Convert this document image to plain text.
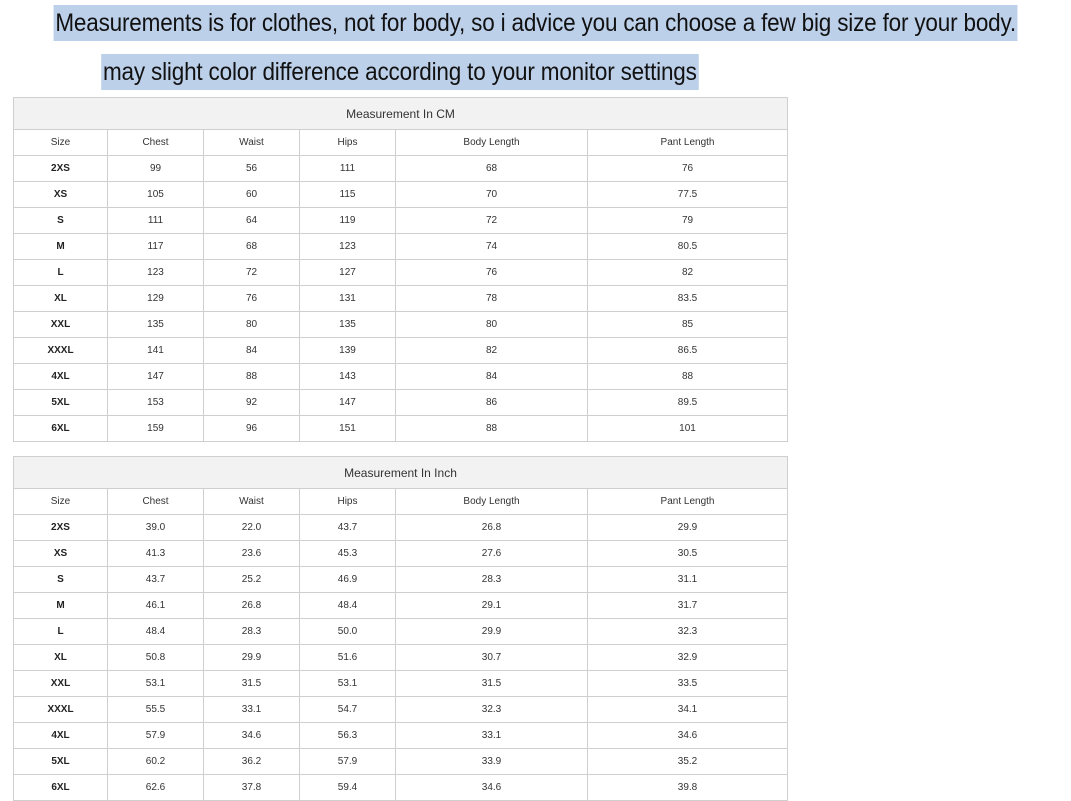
Measurements is for clothes, not for body, so i advice you can choose a few big size for your body.
may slight color difference according to your monitor settings
Measurement In CM					
Size	Chest	Waist	Hips	Body Length	Pant Length
2XS	99	56	111	68	76
XS	105	60	115	70	77.5
S	111	64	119	72	79
M	117	68	123	74	80.5
L	123	72	127	76	82
XL	129	76	131	78	83.5
XXL	135	80	135	80	85
XXXL	141	84	139	82	86.5
4XL	147	88	143	84	88
5XL	153	92	147	86	89.5
6XL	159	96	151	88	101
Measurement In Inch					
Size	Chest	Waist	Hips	Body Length	Pant Length
2XS	39.0	22.0	43.7	26.8	29.9
XS	41.3	23.6	45.3	27.6	30.5
S	43.7	25.2	46.9	28.3	31.1
M	46.1	26.8	48.4	29.1	31.7
L	48.4	28.3	50.0	29.9	32.3
XL	50.8	29.9	51.6	30.7	32.9
XXL	53.1	31.5	53.1	31.5	33.5
XXXL	55.5	33.1	54.7	32.3	34.1
4XL	57.9	34.6	56.3	33.1	34.6
5XL	60.2	36.2	57.9	33.9	35.2
6XL	62.6	37.8	59.4	34.6	39.8
